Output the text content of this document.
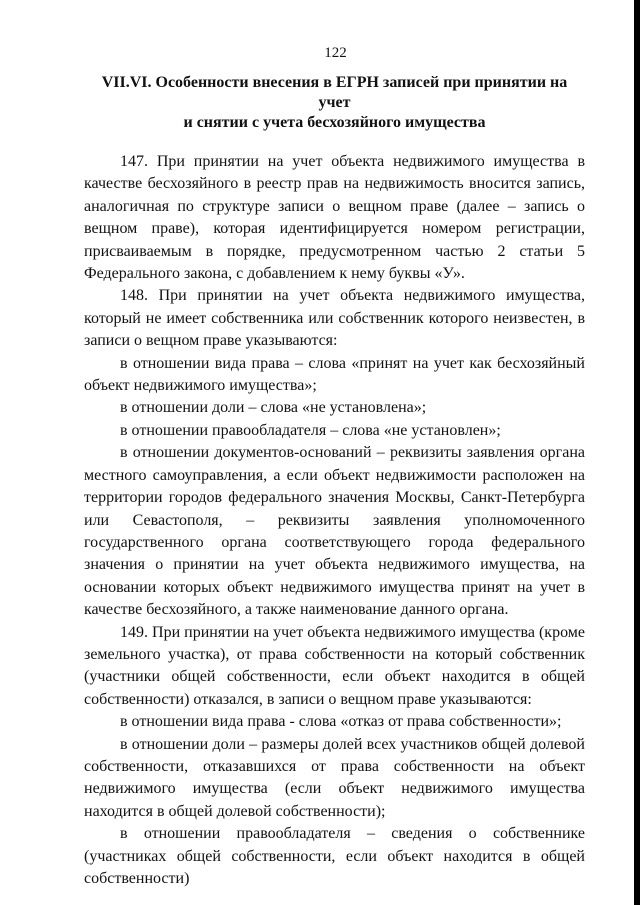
122
VII.VI. Особенности внесения в ЕГРН записей при принятии на учет
и снятии с учета бесхозяйного имущества

147. При принятии на учет объекта недвижимого имущества в качестве бесхозяйного в реестр прав на недвижимость вносится запись, аналогичная по структуре записи о вещном праве (далее – запись о вещном праве), которая идентифицируется номером регистрации, присваиваемым в порядке, предусмотренном частью 2 статьи 5 Федерального закона, с добавлением к нему буквы «У».

148. При принятии на учет объекта недвижимого имущества, который не имеет собственника или собственник которого неизвестен, в записи о вещном праве указываются:

в отношении вида права – слова «принят на учет как бесхозяйный объект недвижимого имущества»;

в отношении доли – слова «не установлена»;

в отношении правообладателя – слова «не установлен»;

в отношении документов-оснований – реквизиты заявления органа местного самоуправления, а если объект недвижимости расположен на территории городов федерального значения Москвы, Санкт-Петербурга или Севастополя, – реквизиты заявления уполномоченного государственного органа соответствующего города федерального значения о принятии на учет объекта недвижимого имущества, на основании которых объект недвижимого имущества принят на учет в качестве бесхозяйного, а также наименование данного органа.

149. При принятии на учет объекта недвижимого имущества (кроме земельного участка), от права собственности на который собственник (участники общей собственности, если объект находится в общей собственности) отказался, в записи о вещном праве указываются:

в отношении вида права - слова «отказ от права собственности»;

в отношении доли – размеры долей всех участников общей долевой собственности, отказавшихся от права собственности на объект недвижимого имущества (если объект недвижимого имущества находится в общей долевой собственности);

в отношении правообладателя – сведения о собственнике (участниках общей собственности, если объект находится в общей собственности)
